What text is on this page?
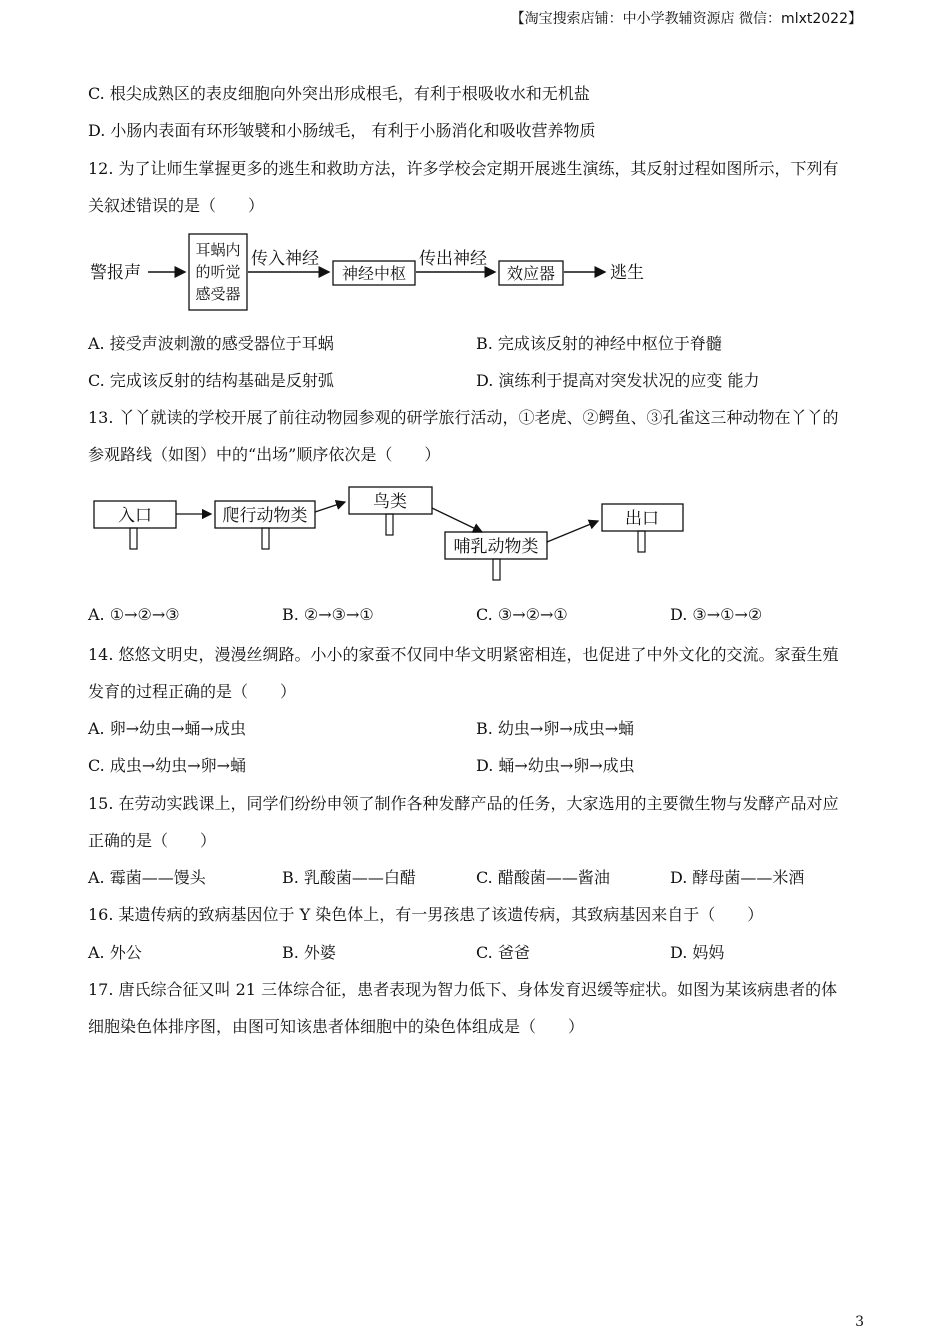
【淘宝搜索店铺：中小学教辅资源店 微信：mlxt2022】
C. 根尖成熟区的表皮细胞向外突出形成根毛，有利于根吸收水和无机盐
D. 小肠内表面有环形皱襞和小肠绒毛， 有利于小肠消化和吸收营养物质
12. 为了让师生掌握更多的逃生和救助方法，许多学校会定期开展逃生演练，其反射过程如图所示，下列有
关叙述错误的是（　　）
警报声
耳蜗内
的听觉
感受器
传入神经
神经中枢
传出神经
效应器	逃生
A. 接受声波刺激的感受器位于耳蜗	B. 完成该反射的神经中枢位于脊髓
C. 完成该反射的结构基础是反射弧	D. 演练利于提高对突发状况的应变 能力
13. 丫丫就读的学校开展了前往动物园参观的研学旅行活动，①老虎、②鳄鱼、③孔雀这三种动物在丫丫的
参观路线（如图）中的“出场”顺序依次是（　　）
入口	爬行动物类
鸟类
哺乳动物类
出口
A. ①→②→③	B. ②→③→①	C. ③→②→①	D. ③→①→②
14. 悠悠文明史，漫漫丝绸路。小小的家蚕不仅同中华文明紧密相连，也促进了中外文化的交流。家蚕生殖
发育的过程正确的是（　　）
A. 卵→幼虫→蛹→成虫	B. 幼虫→卵→成虫→蛹
C. 成虫→幼虫→卵→蛹	D. 蛹→幼虫→卵→成虫
15. 在劳动实践课上，同学们纷纷申领了制作各种发酵产品的任务，大家选用的主要微生物与发酵产品对应
正确的是（　　）
A. 霉菌——馒头	B. 乳酸菌——白醋	C. 醋酸菌——酱油	D. 酵母菌——米酒
16. 某遗传病的致病基因位于 Y 染色体上，有一男孩患了该遗传病，其致病基因来自于（　　）
A. 外公	B. 外婆	C. 爸爸	D. 妈妈
17. 唐氏综合征又叫 21 三体综合征，患者表现为智力低下、身体发育迟缓等症状。如图为某该病患者的体
细胞染色体排序图，由图可知该患者体细胞中的染色体组成是（　　）
3
